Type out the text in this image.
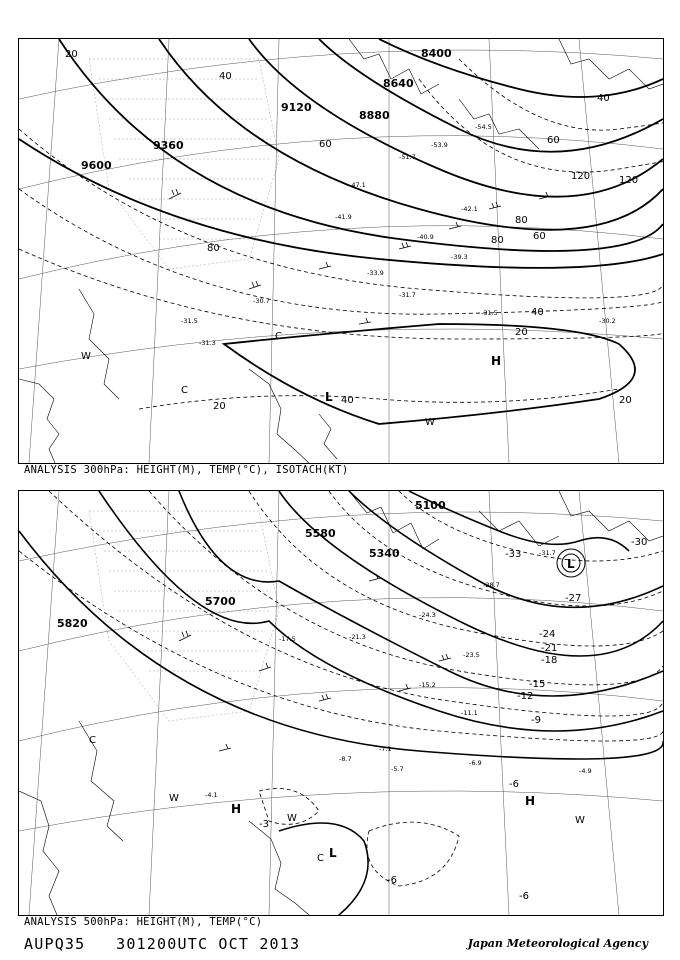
9600
9360
9120
8880
8640
8400
20
40
60
80
120	120
80	60
40
20
20
40
60
80
40
20
-31.5
-31.3
-30.7
-33.9
-41.9
-47.1
-51.7
-53.9
-54.5
-42.1
-40.9
-39.3
-31.7
-31.5
-30.2
H
L
W
C
W
C
ANALYSIS 300hPa: HEIGHT(M), TEMP(°C), ISOTACH(KT)
5820
5700
5580
5340
5100
-33
-30
-27
-24
-21
-18
-15
-12
-9
-6
-3
-6
-6
-17.5	-21.3
-24.3
-23.5
-15.2
-11.1
-7.1
-5.7
-6.9
-4.9
-4.1
-8.7
-28.7
-31.7
H
H
L
L
W
W
C
C
W
ANALYSIS 500hPa: HEIGHT(M), TEMP(°C)
AUPQ35 301200UTC OCT 2013	Japan Meteorological Agency
